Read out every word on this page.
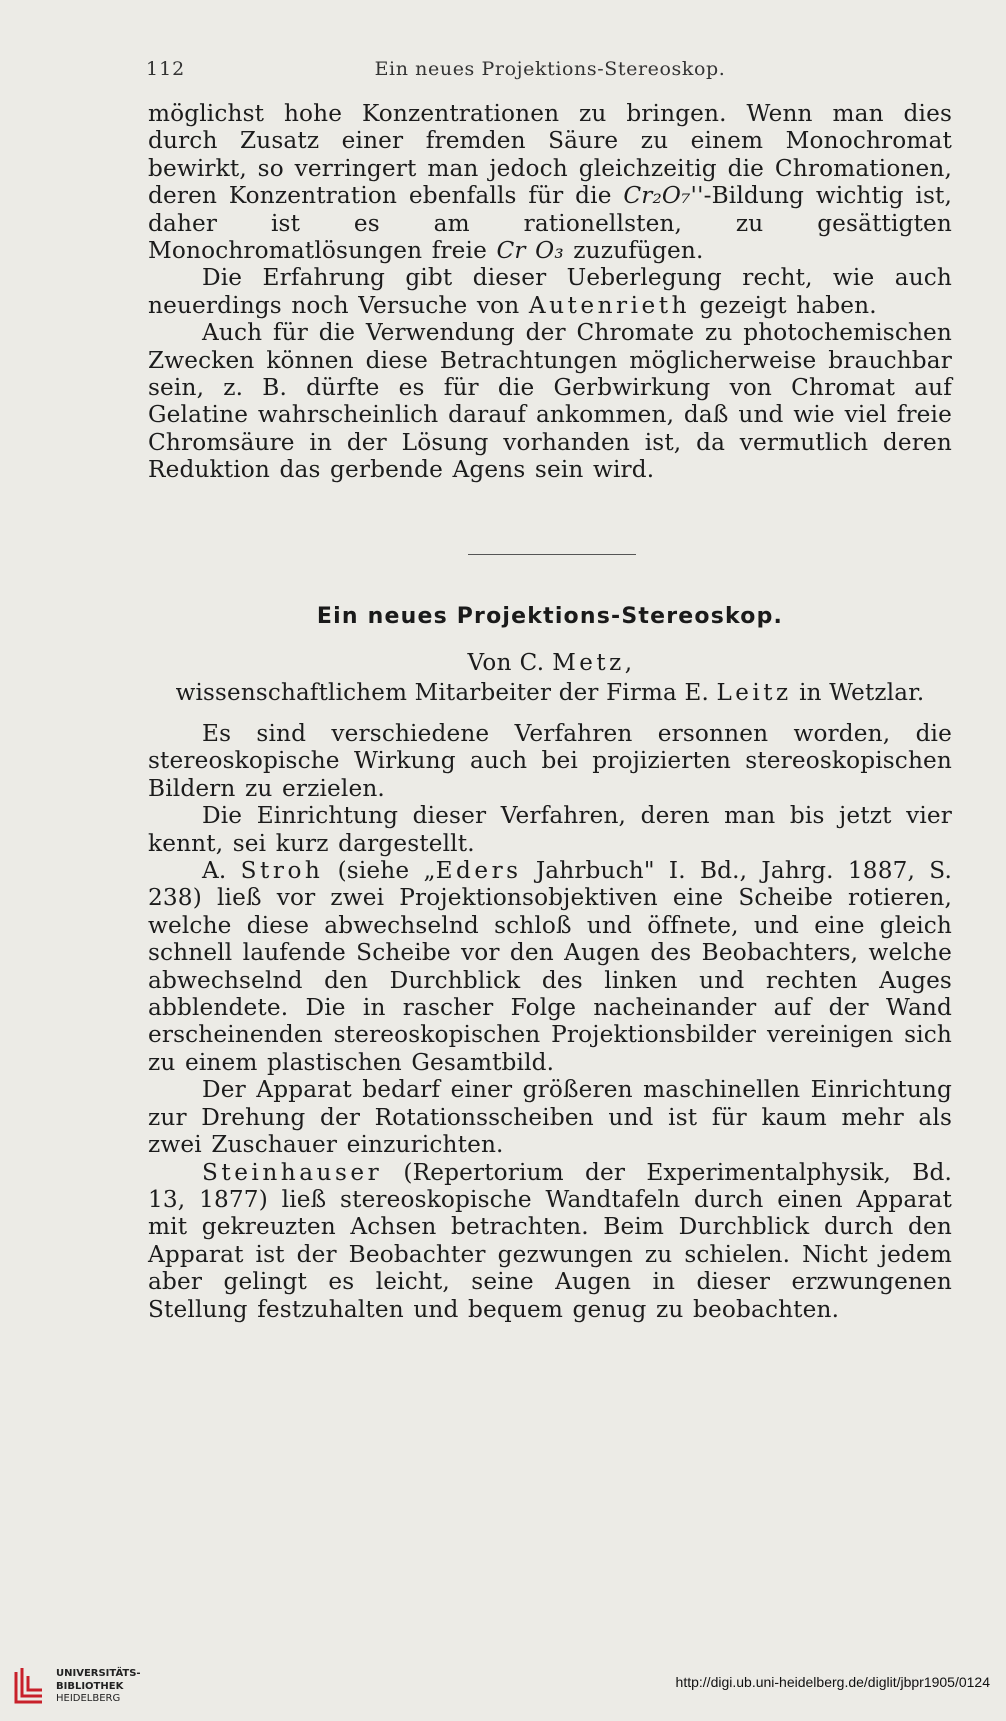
112	Ein neues Projektions-Stereoskop.

möglichst hohe Konzentrationen zu bringen. Wenn man dies durch Zusatz einer fremden Säure zu einem Monochromat bewirkt, so verringert man jedoch gleichzeitig die Chromationen, deren Konzentration ebenfalls für die Cr₂O₇''-Bildung wichtig ist, daher ist es am rationellsten, zu gesättigten Monochromatlösungen freie Cr O₃ zuzufügen.

Die Erfahrung gibt dieser Ueberlegung recht, wie auch neuerdings noch Versuche von Autenrieth gezeigt haben.

Auch für die Verwendung der Chromate zu photochemischen Zwecken können diese Betrachtungen möglicherweise brauchbar sein, z. B. dürfte es für die Gerbwirkung von Chromat auf Gelatine wahrscheinlich darauf ankommen, daß und wie viel freie Chromsäure in der Lösung vorhanden ist, da vermutlich deren Reduktion das gerbende Agens sein wird.

Ein neues Projektions-Stereoskop.
Von C. Metz,
wissenschaftlichem Mitarbeiter der Firma E. Leitz in Wetzlar.

Es sind verschiedene Verfahren ersonnen worden, die stereoskopische Wirkung auch bei projizierten stereoskopischen Bildern zu erzielen.

Die Einrichtung dieser Verfahren, deren man bis jetzt vier kennt, sei kurz dargestellt.

A. Stroh (siehe „Eders Jahrbuch" I. Bd., Jahrg. 1887, S. 238) ließ vor zwei Projektionsobjektiven eine Scheibe rotieren, welche diese abwechselnd schloß und öffnete, und eine gleich schnell laufende Scheibe vor den Augen des Beobachters, welche abwechselnd den Durchblick des linken und rechten Auges abblendete. Die in rascher Folge nacheinander auf der Wand erscheinenden stereoskopischen Projektionsbilder vereinigen sich zu einem plastischen Gesamtbild.

Der Apparat bedarf einer größeren maschinellen Einrichtung zur Drehung der Rotationsscheiben und ist für kaum mehr als zwei Zuschauer einzurichten.

Steinhauser (Repertorium der Experimentalphysik, Bd. 13, 1877) ließ stereoskopische Wandtafeln durch einen Apparat mit gekreuzten Achsen betrachten. Beim Durchblick durch den Apparat ist der Beobachter gezwungen zu schielen. Nicht jedem aber gelingt es leicht, seine Augen in dieser erzwungenen Stellung festzuhalten und bequem genug zu beobachten.

UNIVERSITÄTS-
BIBLIOTHEK
HEIDELBERG
http://digi.ub.uni-heidelberg.de/diglit/jbpr1905/0124
